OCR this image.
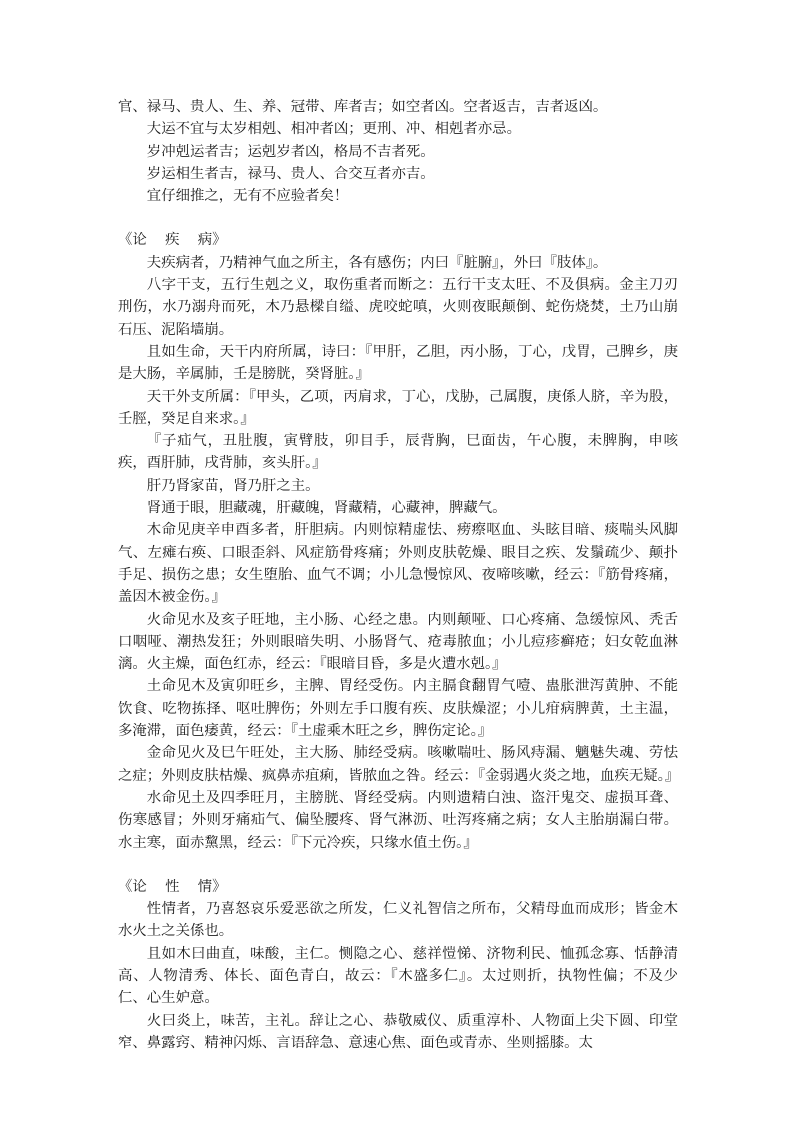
官、禄马、贵人、生、养、冠带、库者吉；如空者凶。空者返吉，吉者返凶。

大运不宜与太岁相剋、相冲者凶；更刑、冲、相剋者亦忌。

岁冲剋运者吉；运剋岁者凶，格局不吉者死。

岁运相生者吉，禄马、贵人、合交互者亦吉。

宜仔细推之，无有不应验者矣！

《论    疾    病》

夫疾病者，乃精神气血之所主，各有感伤；内曰『脏腑』，外曰『肢体』。

八字干支，五行生剋之义，取伤重者而断之：五行干支太旺、不及俱病。金主刀刃刑伤，水乃溺舟而死，木乃悬樑自缢、虎咬蛇嗔，火则夜眠颠倒、蛇伤烧焚，土乃山崩石压、泥陷墙崩。

且如生命，天干内府所属，诗曰：『甲肝，乙胆，丙小肠，丁心，戊胃，己脾乡，庚是大肠，辛属肺，壬是膀胱，癸肾脏。』

天干外支所属：『甲头，乙项，丙肩求，丁心，戊胁，己属腹，庚係人脐，辛为股，壬脛，癸足自来求。』

『子疝气，丑肚腹，寅臂肢，卯目手，辰背胸，巳面齿，午心腹，未脾胸，申咳疾，酉肝肺，戌背肺，亥头肝。』

肝乃肾家苗，肾乃肝之主。

肾通于眼，胆藏魂，肝藏魄，肾藏精，心藏神，脾藏气。

木命见庚辛申酉多者，肝胆病。内则惊精虚怯、痨瘵呕血、头眩目暗、痰喘头风脚气、左瘫右痪、口眼歪斜、风症筋骨疼痛；外则皮肤乾燥、眼目之疾、发鬚疏少、颠扑手足、损伤之患；女生堕胎、血气不调；小儿急慢惊风、夜啼咳嗽，经云：『筋骨疼痛，盖因木被金伤。』

火命见水及亥子旺地，主小肠、心经之患。内则颠哑、口心疼痛、急缓惊风、秃舌口咽哑、潮热发狂；外则眼暗失明、小肠肾气、疮毒脓血；小儿痘疹癣疮；妇女乾血淋漓。火主燥，面色红赤，经云：『眼暗目昏，多是火遭水剋。』

土命见木及寅卯旺乡，主脾、胃经受伤。内主膈食翻胃气噎、蛊胀泄泻黄肿、不能饮食、吃物拣择、呕吐脾伤；外则左手口腹有疾、皮肤燥涩；小儿疳病脾黄，土主温，多淹滞，面色痿黄，经云：『土虚乘木旺之乡，脾伤定论。』

金命见火及巳午旺处，主大肠、肺经受病。咳嗽喘吐、肠风痔漏、魑魅失魂、劳怯之症；外则皮肤枯燥、疯鼻赤疽痢，皆脓血之咎。经云：『金弱遇火炎之地，血疾无疑。』

水命见土及四季旺月，主膀胱、肾经受病。内则遗精白浊、盗汗鬼交、虚损耳聋、伤寒感冒；外则牙痛疝气、偏坠腰疼、肾气淋沥、吐泻疼痛之病；女人主胎崩漏白带。水主寒，面赤黧黑，经云：『下元冷疾，只缘水值土伤。』

《论    性    情》

性情者，乃喜怒哀乐爱恶欲之所发，仁义礼智信之所布，父精母血而成形；皆金木水火土之关係也。

且如木曰曲直，味酸，主仁。恻隐之心、慈祥愷悌、济物利民、恤孤念寡、恬静清高、人物清秀、体长、面色青白，故云：『木盛多仁』。太过则折，执物性偏；不及少仁、心生妒意。

火曰炎上，味苦，主礼。辞让之心、恭敬威仪、质重淳朴、人物面上尖下圆、印堂窄、鼻露窍、精神闪烁、言语辞急、意速心焦、面色或青赤、坐则摇膝。太
